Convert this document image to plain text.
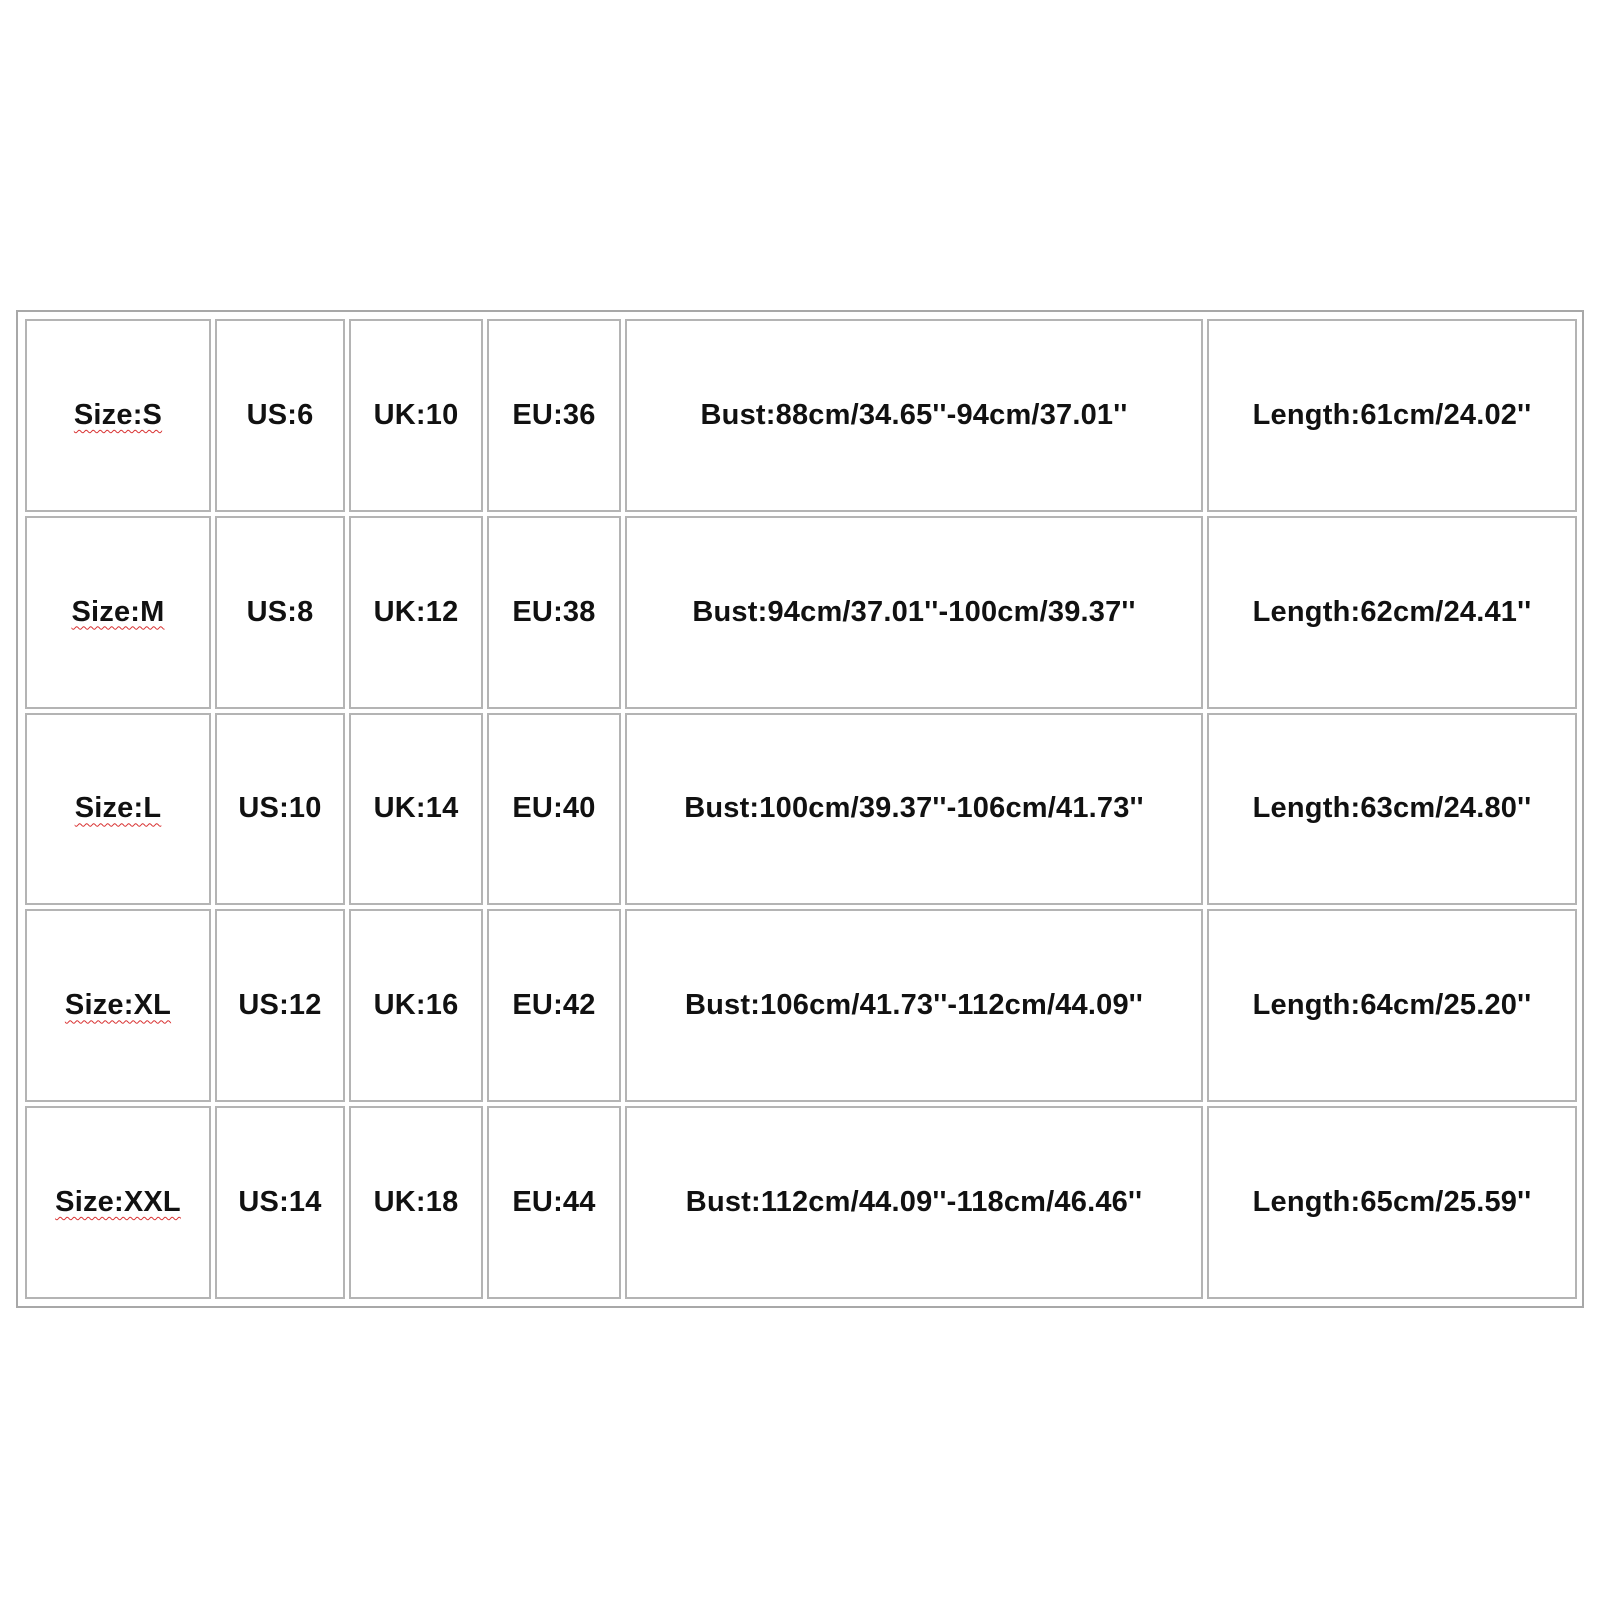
Size:S	US:6	UK:10	EU:36	Bust:88cm/34.65''-94cm/37.01''	Length:61cm/24.02''
Size:M	US:8	UK:12	EU:38	Bust:94cm/37.01''-100cm/39.37''	Length:62cm/24.41''
Size:L	US:10	UK:14	EU:40	Bust:100cm/39.37''-106cm/41.73''	Length:63cm/24.80''
Size:XL	US:12	UK:16	EU:42	Bust:106cm/41.73''-112cm/44.09''	Length:64cm/25.20''
Size:XXL	US:14	UK:18	EU:44	Bust:112cm/44.09''-118cm/46.46''	Length:65cm/25.59''
